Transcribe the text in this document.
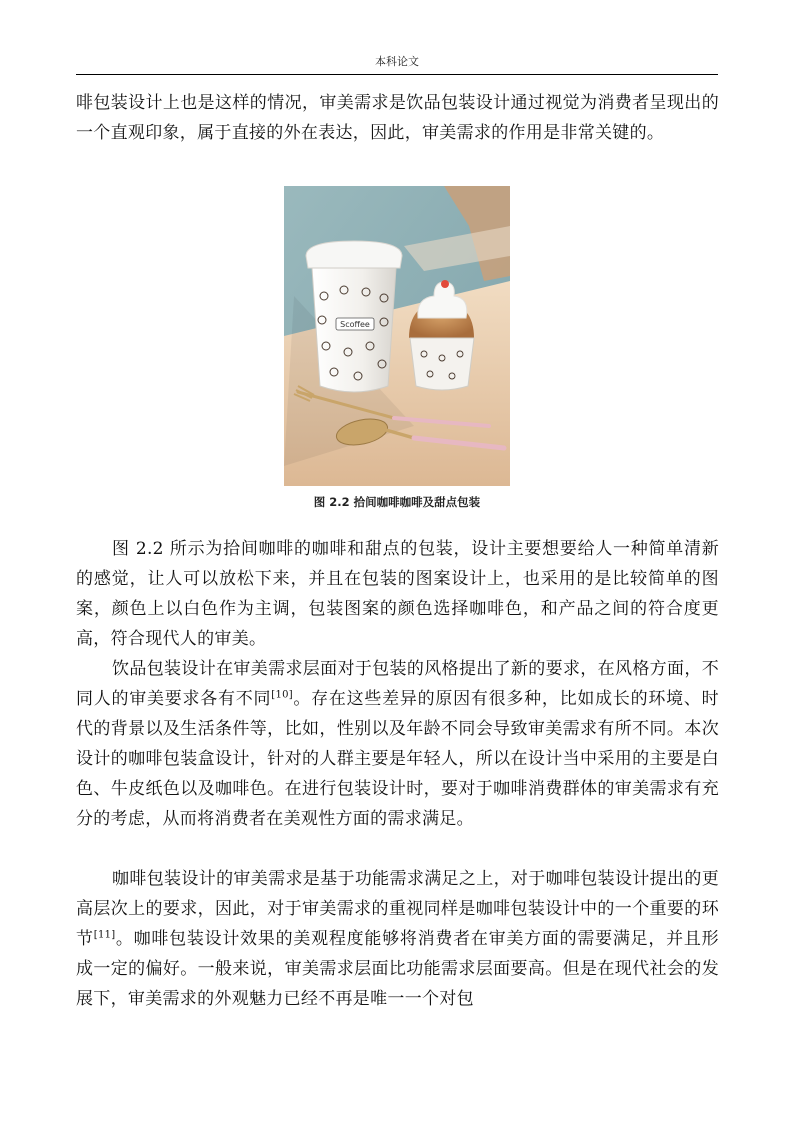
本科论文

啡包装设计上也是这样的情况，审美需求是饮品包装设计通过视觉为消费者呈现出的一个直观印象，属于直接的外在表达，因此，审美需求的作用是非常关键的。

Scoffee
图 2.2 拾间咖啡咖啡及甜点包装

图 2.2 所示为拾间咖啡的咖啡和甜点的包装，设计主要想要给人一种简单清新的感觉，让人可以放松下来，并且在包装的图案设计上，也采用的是比较简单的图案，颜色上以白色作为主调，包装图案的颜色选择咖啡色，和产品之间的符合度更高，符合现代人的审美。

饮品包装设计在审美需求层面对于包装的风格提出了新的要求，在风格方面，不同人的审美要求各有不同[10]。存在这些差异的原因有很多种，比如成长的环境、时代的背景以及生活条件等，比如，性别以及年龄不同会导致审美需求有所不同。本次设计的咖啡包装盒设计，针对的人群主要是年轻人，所以在设计当中采用的主要是白色、牛皮纸色以及咖啡色。在进行包装设计时，要对于咖啡消费群体的审美需求有充分的考虑，从而将消费者在美观性方面的需求满足。

咖啡包装设计的审美需求是基于功能需求满足之上，对于咖啡包装设计提出的更高层次上的要求，因此，对于审美需求的重视同样是咖啡包装设计中的一个重要的环节[11]。咖啡包装设计效果的美观程度能够将消费者在审美方面的需要满足，并且形成一定的偏好。一般来说，审美需求层面比功能需求层面要高。但是在现代社会的发展下，审美需求的外观魅力已经不再是唯一一个对包
